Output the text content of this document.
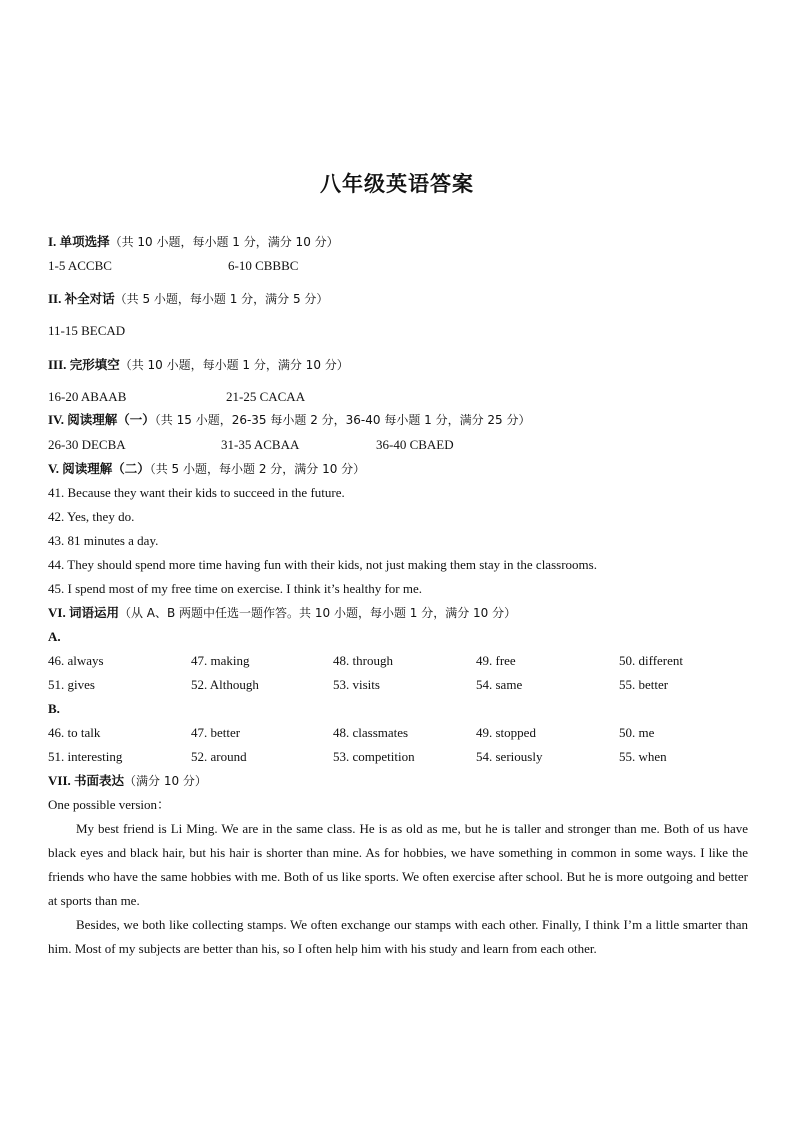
八年级英语答案
I. 单项选择（共 10 小题，每小题 1 分，满分 10 分）
1-5 ACCBC	6-10 CBBBC
II. 补全对话（共 5 小题，每小题 1 分，满分 5 分）
11-15 BECAD
III. 完形填空（共 10 小题，每小题 1 分，满分 10 分）
16-20 ABAAB	21-25 CACAA
IV. 阅读理解（一）（共 15 小题，26-35 每小题 2 分，36-40 每小题 1 分，满分 25 分）
26-30 DECBA	31-35 ACBAA	36-40 CBAED
V. 阅读理解（二）（共 5 小题，每小题 2 分，满分 10 分）
41. Because they want their kids to succeed in the future.
42. Yes, they do.
43. 81 minutes a day.
44. They should spend more time having fun with their kids, not just making them stay in the classrooms.
45. I spend most of my free time on exercise. I think it’s healthy for me.
VI. 词语运用（从 A、B 两题中任选一题作答。共 10 小题，每小题 1 分，满分 10 分）
A.
46. always	47. making	48. through	49. free	50. different
51. gives	52. Although	53. visits	54. same	55. better
B.
46. to talk	47. better	48. classmates	49. stopped	50. me
51. interesting	52. around	53. competition	54. seriously	55. when
VII. 书面表达（满分 10 分）
One possible version：

My best friend is Li Ming. We are in the same class. He is as old as me, but he is taller and stronger than me. Both of us have black eyes and black hair, but his hair is shorter than mine. As for hobbies, we have something in common in some ways. I like the friends who have the same hobbies with me. Both of us like sports. We often exercise after school. But he is more outgoing and better at sports than me.

Besides, we both like collecting stamps. We often exchange our stamps with each other. Finally, I think I’m a little smarter than him. Most of my subjects are better than his, so I often help him with his study and learn from each other.
